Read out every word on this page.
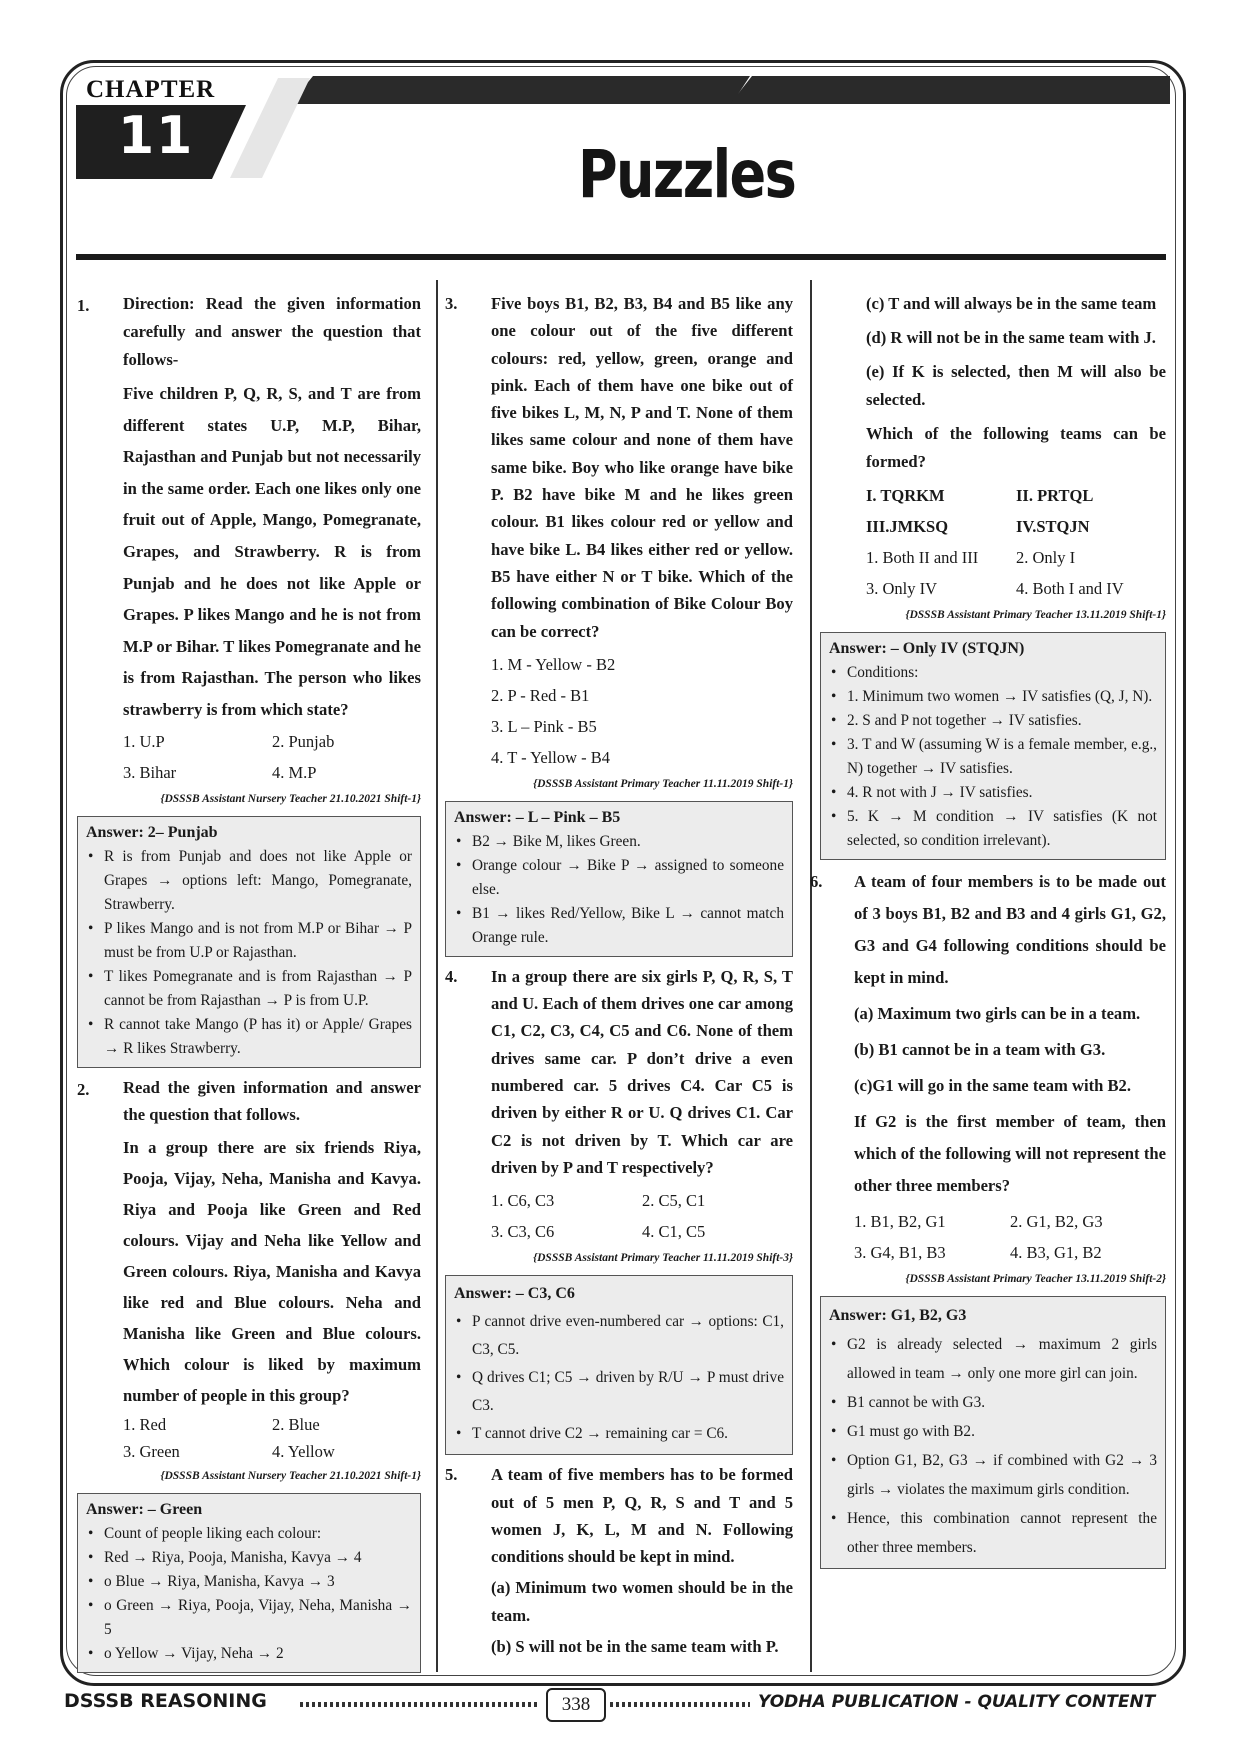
CHAPTER
11	Puzzles
1. Direction: Read the given information carefully and answer the question that follows-

Five children P, Q, R, S, and T are from different states U.P, M.P, Bihar, Rajasthan and Punjab but not necessarily in the same order. Each one likes only one fruit out of Apple, Mango, Pomegranate, Grapes, and Strawberry. R is from Punjab and he does not like Apple or Grapes. P likes Mango and he is not from M.P or Bihar. T likes Pomegranate and he is from Rajasthan. The person who likes strawberry is from which state?

1. U.P	2. Punjab
3. Bihar	4. M.P
{DSSSB Assistant Nursery Teacher 21.10.2021 Shift-1}
Answer: 2– Punjab
• R is from Punjab and does not like Apple or Grapes → options left: Mango, Pomegranate, Strawberry.
• P likes Mango and is not from M.P or Bihar → P must be from U.P or Rajasthan.
• T likes Pomegranate and is from Rajasthan → P cannot be from Rajasthan → P is from U.P.
• R cannot take Mango (P has it) or Apple/ Grapes → R likes Strawberry.
2. Read the given information and answer the question that follows.

In a group there are six friends Riya, Pooja, Vijay, Neha, Manisha and Kavya. Riya and Pooja like Green and Red colours. Vijay and Neha like Yellow and Green colours. Riya, Manisha and Kavya like red and Blue colours. Neha and Manisha like Green and Blue colours. Which colour is liked by maximum number of people in this group?

1. Red	2. Blue
3. Green	4. Yellow
{DSSSB Assistant Nursery Teacher 21.10.2021 Shift-1}
Answer: – Green
• Count of people liking each colour:
• Red → Riya, Pooja, Manisha, Kavya → 4
• o Blue → Riya, Manisha, Kavya → 3
• o Green → Riya, Pooja, Vijay, Neha, Manisha → 5
• o Yellow → Vijay, Neha → 2
3. Five boys B1, B2, B3, B4 and B5 like any one colour out of the five different colours: red, yellow, green, orange and pink. Each of them have one bike out of five bikes L, M, N, P and T. None of them likes same colour and none of them have same bike. Boy who like orange have bike P. B2 have bike M and he likes green colour. B1 likes colour red or yellow and have bike L. B4 likes either red or yellow. B5 have either N or T bike. Which of the following combination of Bike Colour Boy can be correct?

1. M - Yellow - B2
2. P - Red - B1
3. L – Pink - B5
4. T - Yellow - B4
{DSSSB Assistant Primary Teacher 11.11.2019 Shift-1}
Answer: – L – Pink – B5
• B2 → Bike M, likes Green.
• Orange colour → Bike P → assigned to someone else.
• B1 → likes Red/Yellow, Bike L → cannot match Orange rule.
4. In a group there are six girls P, Q, R, S, T and U. Each of them drives one car among C1, C2, C3, C4, C5 and C6. None of them drives same car. P don’t drive a even numbered car. 5 drives C4. Car C5 is driven by either R or U. Q drives C1. Car C2 is not driven by T. Which car are driven by P and T respectively?

1. C6, C3	2. C5, C1
3. C3, C6	4. C1, C5
{DSSSB Assistant Primary Teacher 11.11.2019 Shift-3}
Answer: – C3, C6
• P cannot drive even-numbered car → options: C1, C3, C5.
• Q drives C1; C5 → driven by R/U → P must drive C3.
• T cannot drive C2 → remaining car = C6.
5. A team of five members has to be formed out of 5 men P, Q, R, S and T and 5 women J, K, L, M and N. Following conditions should be kept in mind.

(a) Minimum two women should be in the team.

(b) S will not be in the same team with P.

(c) T and will always be in the same team

(d) R will not be in the same team with J.

(e) If K is selected, then M will also be selected.

Which of the following teams can be formed?

I. TQRKM	II. PRTQL
III.JMKSQ	IV.STQJN
1. Both II and III	2. Only I
3. Only IV	4. Both I and IV
{DSSSB Assistant Primary Teacher 13.11.2019 Shift-1}
Answer: – Only IV (STQJN)
• Conditions:
• 1. Minimum two women → IV satisfies (Q, J, N).
• 2. S and P not together → IV satisfies.
• 3. T and W (assuming W is a female member, e.g., N) together → IV satisfies.
• 4. R not with J → IV satisfies.
• 5. K → M condition → IV satisfies (K not selected, so condition irrelevant).
6. A team of four members is to be made out of 3 boys B1, B2 and B3 and 4 girls G1, G2, G3 and G4 following conditions should be kept in mind.

(a) Maximum two girls can be in a team.

(b) B1 cannot be in a team with G3.

(c)G1 will go in the same team with B2.

If G2 is the first member of team, then which of the following will not represent the other three members?

1. B1, B2, G1	2. G1, B2, G3
3. G4, B1, B3	4. B3, G1, B2
{DSSSB Assistant Primary Teacher 13.11.2019 Shift-2}
Answer: G1, B2, G3
• G2 is already selected → maximum 2 girls allowed in team → only one more girl can join.
• B1 cannot be with G3.
• G1 must go with B2.
• Option G1, B2, G3 → if combined with G2 → 3 girls → violates the maximum girls condition.
• Hence, this combination cannot represent the other three members.
DSSSB REASONING	338	YODHA PUBLICATION - QUALITY CONTENT
